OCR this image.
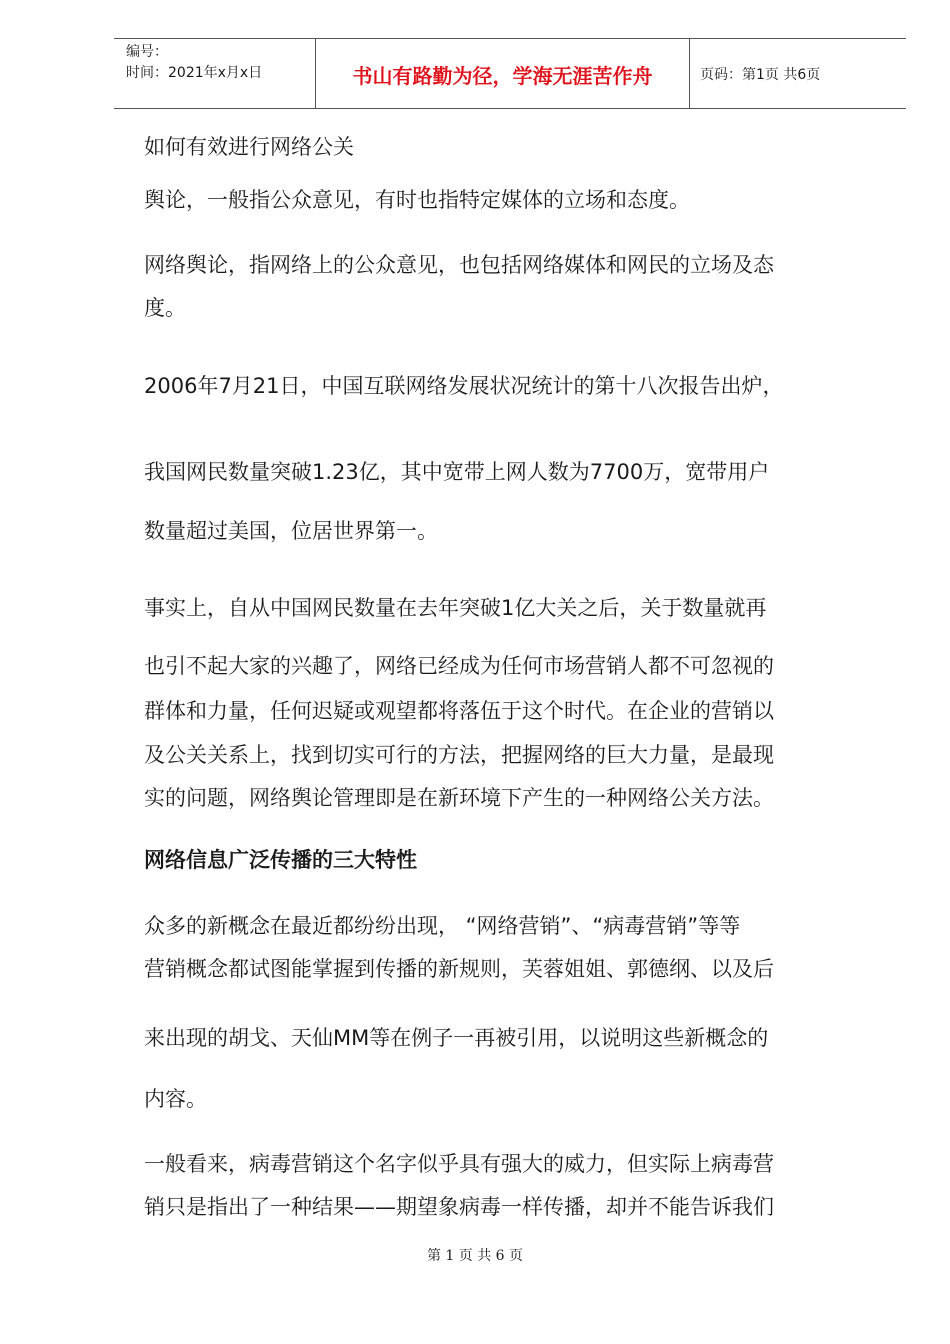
编号：
时间：2021年x月x日	书山有路勤为径，学海无涯苦作舟	页码：第1页 共6页
如何有效进行网络公关
舆论，一般指公众意见，有时也指特定媒体的立场和态度。
网络舆论，指网络上的公众意见，也包括网络媒体和网民的立场及态
度。
2006年7月21日，中国互联网络发展状况统计的第十八次报告出炉，
我国网民数量突破1.23亿，其中宽带上网人数为7700万，宽带用户
数量超过美国，位居世界第一。
事实上，自从中国网民数量在去年突破1亿大关之后，关于数量就再
也引不起大家的兴趣了，网络已经成为任何市场营销人都不可忽视的
群体和力量，任何迟疑或观望都将落伍于这个时代。在企业的营销以
及公关关系上，找到切实可行的方法，把握网络的巨大力量，是最现
实的问题，网络舆论管理即是在新环境下产生的一种网络公关方法。
网络信息广泛传播的三大特性
众多的新概念在最近都纷纷出现， “网络营销”、“病毒营销”等等
营销概念都试图能掌握到传播的新规则，芙蓉姐姐、郭德纲、以及后
来出现的胡戈、天仙MM等在例子一再被引用，以说明这些新概念的
内容。
一般看来，病毒营销这个名字似乎具有强大的威力，但实际上病毒营
销只是指出了一种结果——期望象病毒一样传播，却并不能告诉我们
第 1 页 共 6 页
